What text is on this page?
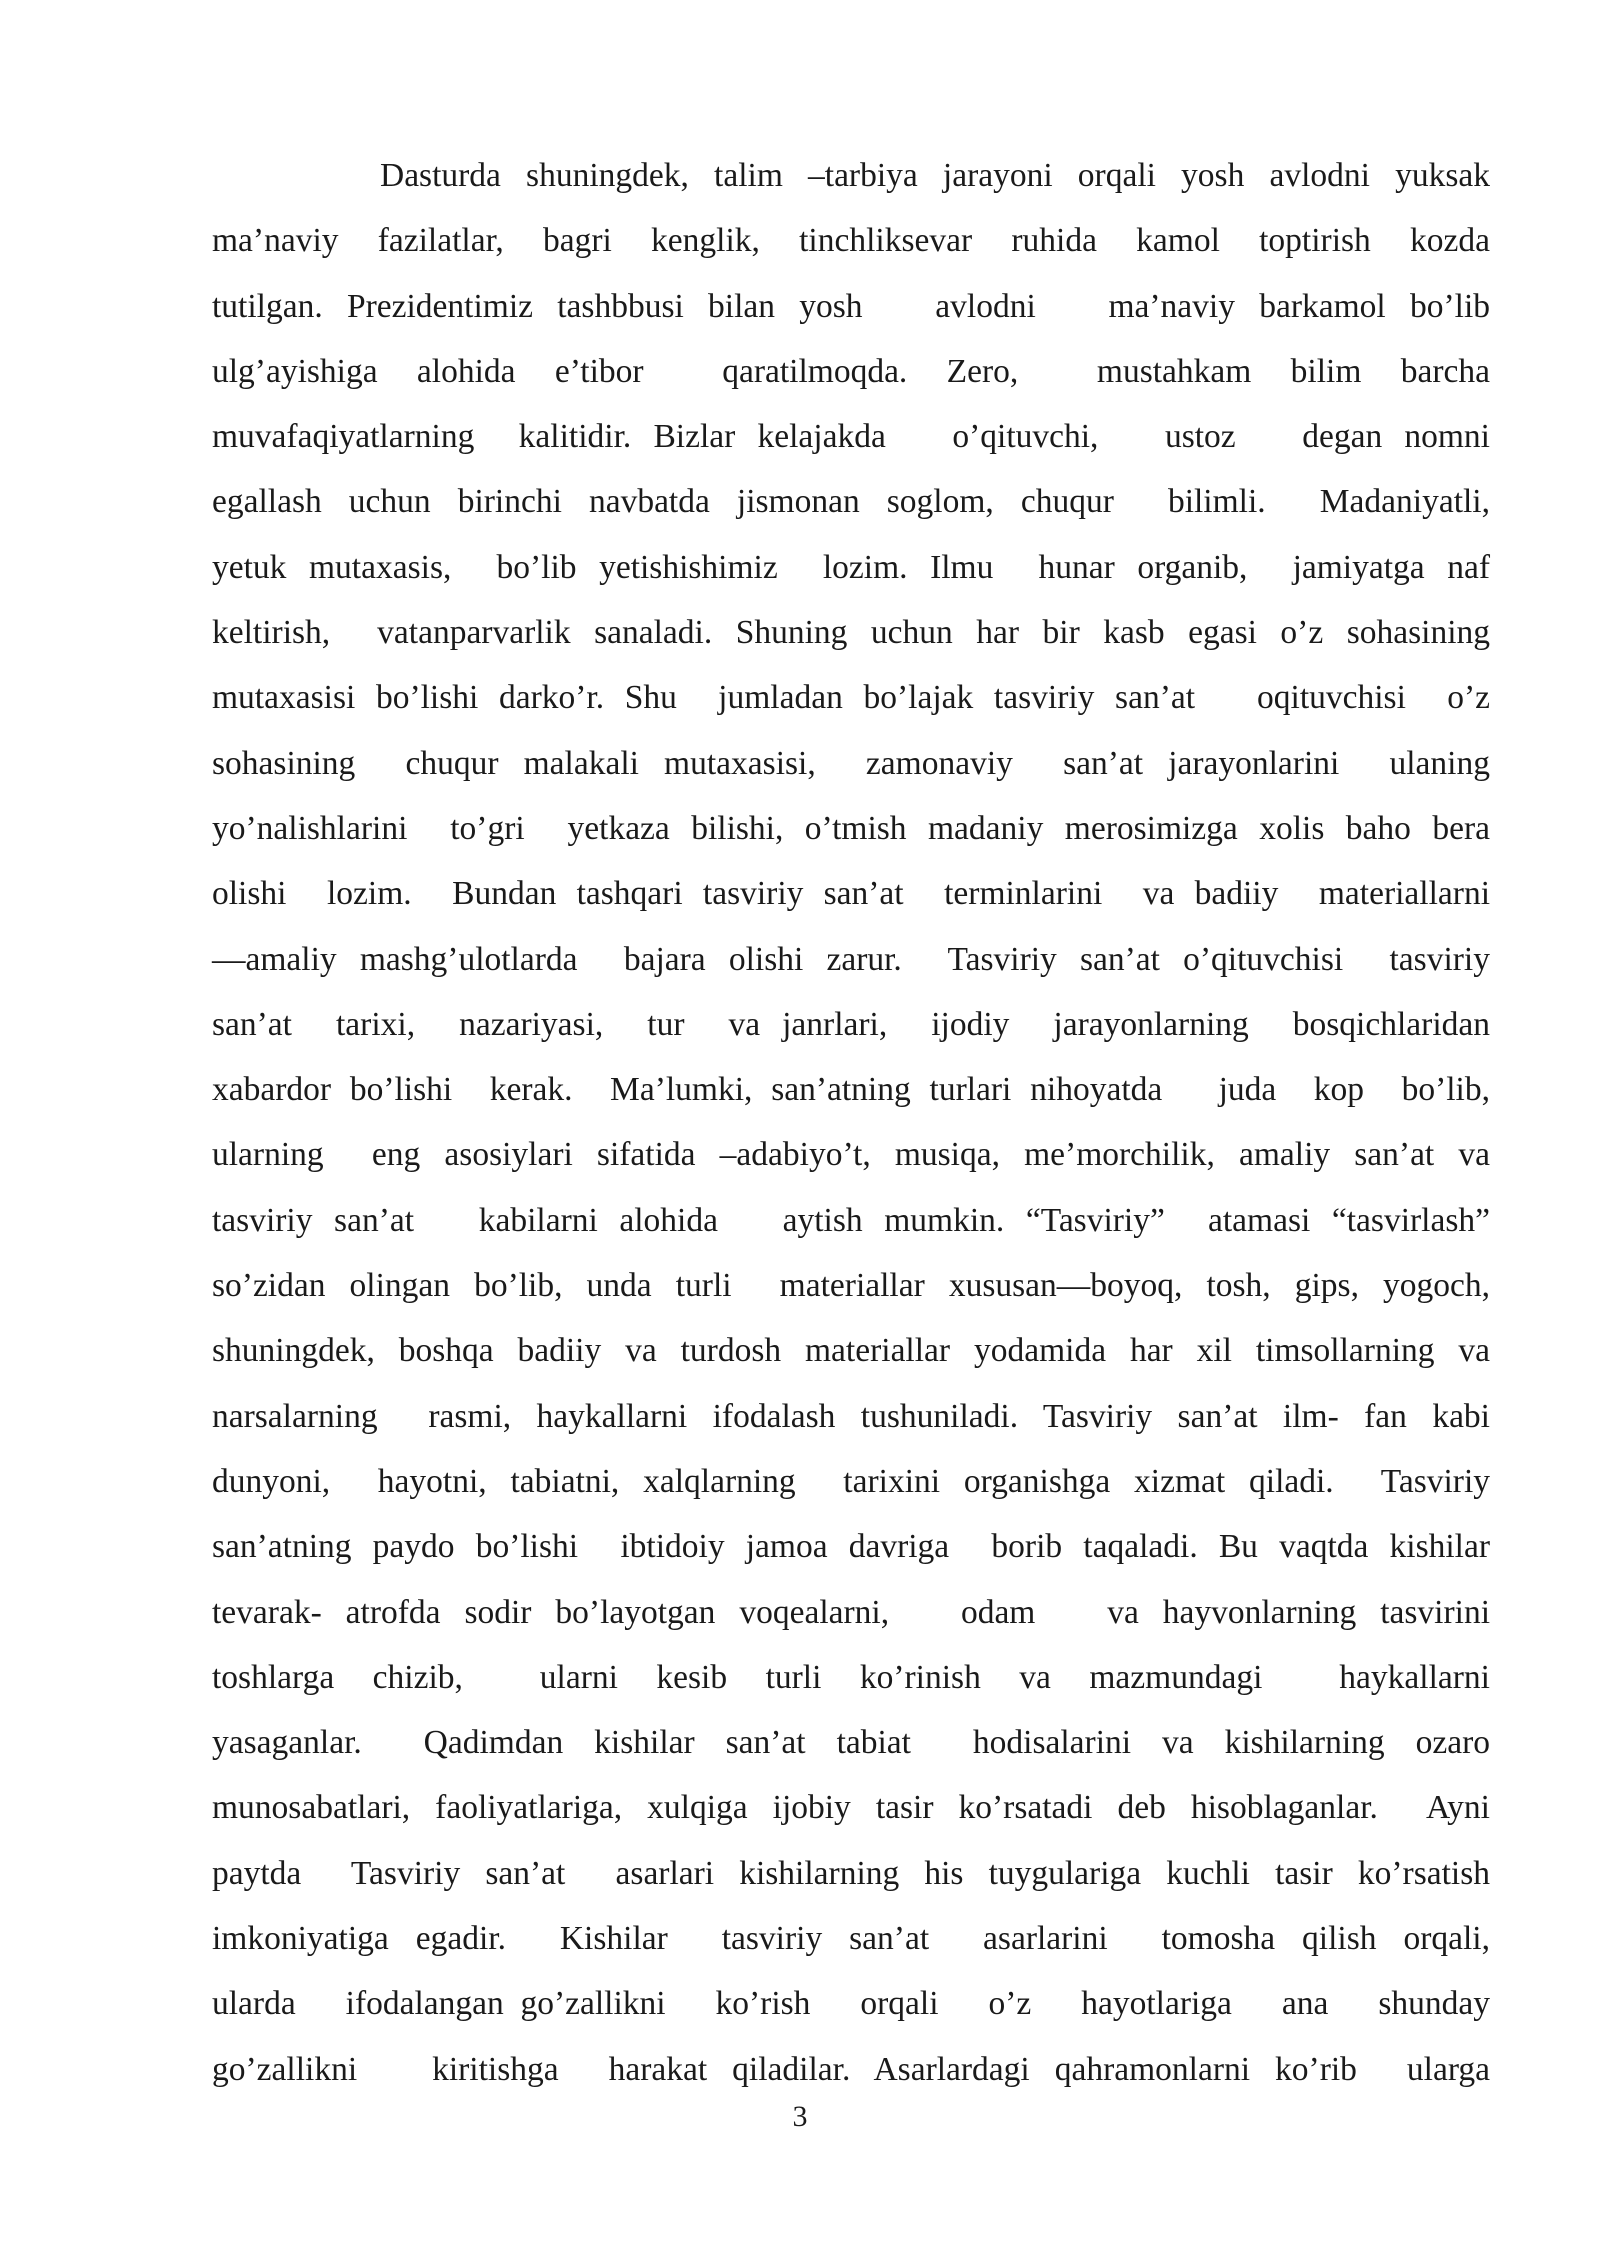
Dasturda shuningdek, talim –tarbiya jarayoni orqali yosh avlodni yuksak
ma’naviy  fazilatlar,  bagri  kenglik,  tinchliksevar  ruhida  kamol  toptirish  kozda
tutilgan. Prezidentimiz tashbbusi bilan yosh   avlodni   ma’naviy barkamol bo’lib
ulg’ayishiga  alohida  e’tibor    qaratilmoqda.  Zero,    mustahkam  bilim  barcha
muvafaqiyatlarning  kalitidir. Bizlar kelajakda   o’qituvchi,   ustoz   degan nomni
egallash uchun birinchi navbatda jismonan soglom, chuqur  bilimli.  Madaniyatli,
yetuk mutaxasis,  bo’lib yetishishimiz  lozim. Ilmu  hunar organib,  jamiyatga naf
keltirish,  vatanparvarlik sanaladi. Shuning uchun har bir kasb egasi o’z sohasining
mutaxasisi bo’lishi darko’r. Shu  jumladan bo’lajak tasviriy san’at   oqituvchisi  o’z
sohasining  chuqur malakali mutaxasisi,  zamonaviy  san’at jarayonlarini  ulaning
yo’nalishlarini  to’gri  yetkaza bilishi, o’tmish madaniy merosimizga xolis baho bera
olishi  lozim.  Bundan tashqari tasviriy san’at  terminlarini  va badiiy  materiallarni
—amaliy mashg’ulotlarda  bajara olishi zarur.  Tasviriy san’at o’qituvchisi  tasviriy
san’at  tarixi,  nazariyasi,  tur  va janrlari,  ijodiy  jarayonlarning  bosqichlaridan
xabardor bo’lishi  kerak.  Ma’lumki, san’atning turlari nihoyatda   juda  kop  bo’lib,
ularning  eng asosiylari sifatida –adabiyo’t, musiqa, me’morchilik, amaliy san’at va
tasviriy san’at   kabilarni alohida   aytish mumkin. “Tasviriy”  atamasi “tasvirlash”
so’zidan olingan bo’lib, unda turli  materiallar xususan—boyoq, tosh, gips, yogoch,
shuningdek, boshqa badiiy va turdosh materiallar yodamida har xil timsollarning va
narsalarning  rasmi, haykallarni ifodalash tushuniladi. Tasviriy san’at ilm- fan kabi
dunyoni,  hayotni, tabiatni, xalqlarning  tarixini organishga xizmat qiladi.  Tasviriy
san’atning paydo bo’lishi  ibtidoiy jamoa davriga  borib taqaladi. Bu vaqtda kishilar
tevarak- atrofda sodir bo’layotgan voqealarni,   odam   va hayvonlarning tasvirini
toshlarga  chizib,    ularni  kesib  turli  ko’rinish  va  mazmundagi    haykallarni
yasaganlar.  Qadimdan kishilar san’at tabiat  hodisalarini va kishilarning ozaro
munosabatlari, faoliyatlariga, xulqiga ijobiy tasir ko’rsatadi deb hisoblaganlar.  Ayni
paytda  Tasviriy san’at  asarlari kishilarning his tuygulariga kuchli tasir ko’rsatish
imkoniyatiga egadir.  Kishilar  tasviriy san’at  asarlarini  tomosha qilish orqali,
ularda   ifodalangan go’zallikni   ko’rish   orqali   o’z   hayotlariga   ana   shunday
go’zallikni   kiritishga  harakat qiladilar. Asarlardagi qahramonlarni ko’rib  ularga
3
